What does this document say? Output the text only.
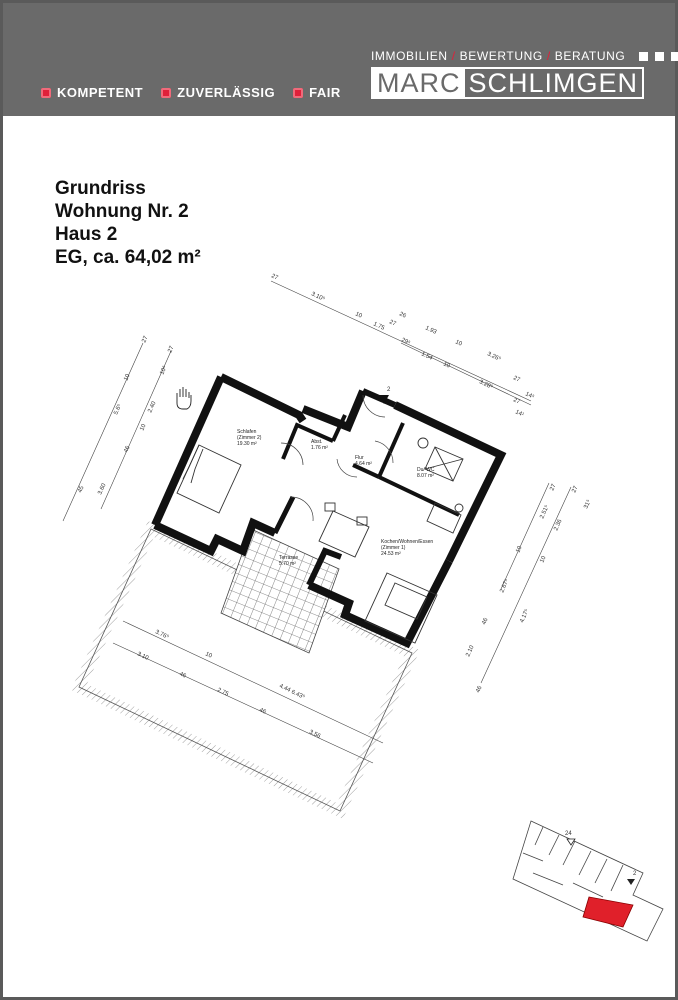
KOMPETENT	ZUVERLÄSSIG	FAIR
IMMOBILIEN / BEWERTUNG / BERATUNG
MARC SCHLIMGEN
Grundriss
Wohnung Nr. 2
Haus 2
EG, ca. 64,02 m²
Schlafen
(Zimmer 2)
19.30 m²	Abst.
1.76 m²
Flur
4.64 m²
Du/ WC
8.07 m²
Terrasse
5.70 m²
Kochen/Wohnen/Essen
(Zimmer 1)
24.53 m²
2
27
3.10⁵
10
1.75
26
27
29⁵
1.93
10
1.54
10
3.26⁵
3.28⁵	27
14⁵
27
14¹
27
27
10
10⁵
5.6⁵	2.40
10
46
3.60
45	27
27
31⁵
2.51⁵
10
10
2.36
2.67⁵
4.17⁵
46
2.10
46
3.76⁵
10
4.44
3.10
46
2.75
46
6.43⁵
3.56
24
2
